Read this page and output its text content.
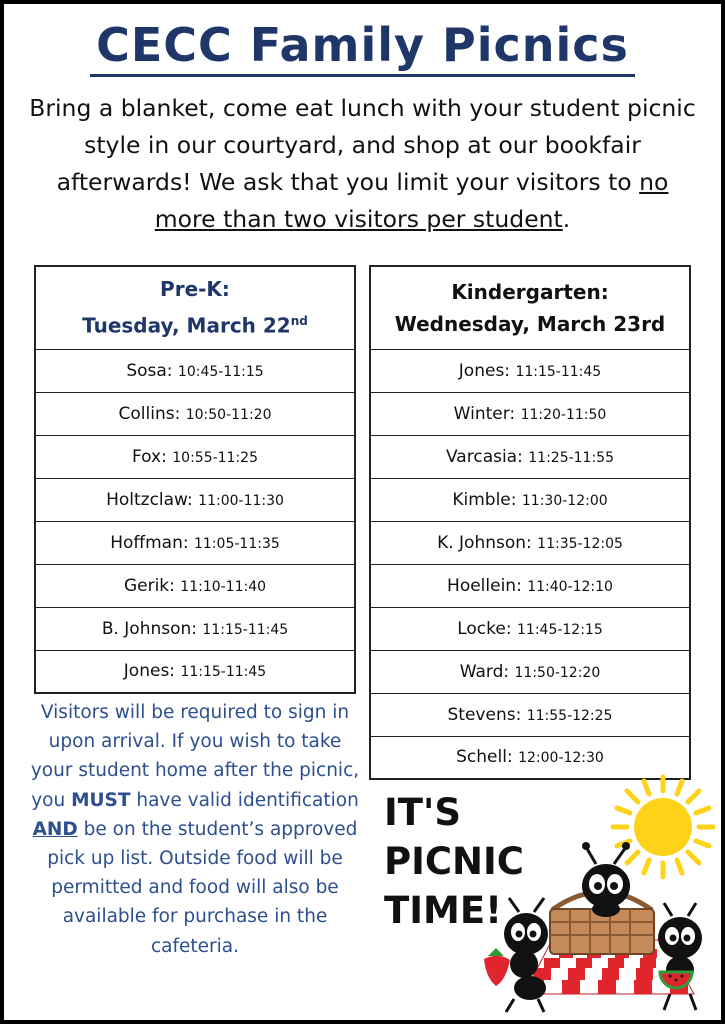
CECC Family Picnics

Bring a blanket, come eat lunch with your student picnic style in our courtyard, and shop at our bookfair afterwards! We ask that you limit your visitors to no more than two visitors per student.

Pre-K:
Tuesday, March 22nd

Sosa: 10:45-11:15
Collins: 10:50-11:20
Fox: 10:55-11:25
Holtzclaw: 11:00-11:30
Hoffman: 11:05-11:35
Gerik: 11:10-11:40
B. Johnson: 11:15-11:45
Jones: 11:15-11:45
Kindergarten:
Wednesday, March 23rd

Jones: 11:15-11:45
Winter: 11:20-11:50
Varcasia: 11:25-11:55
Kimble: 11:30-12:00
K. Johnson: 11:35-12:05
Hoellein: 11:40-12:10
Locke: 11:45-12:15
Ward: 11:50-12:20
Stevens: 11:55-12:25
Schell: 12:00-12:30

Visitors will be required to sign in upon arrival. If you wish to take your student home after the picnic, you MUST have valid identification AND be on the student’s approved pick up list. Outside food will be permitted and food will also be available for purchase in the cafeteria.

IT'S
PICNIC
TIME!
